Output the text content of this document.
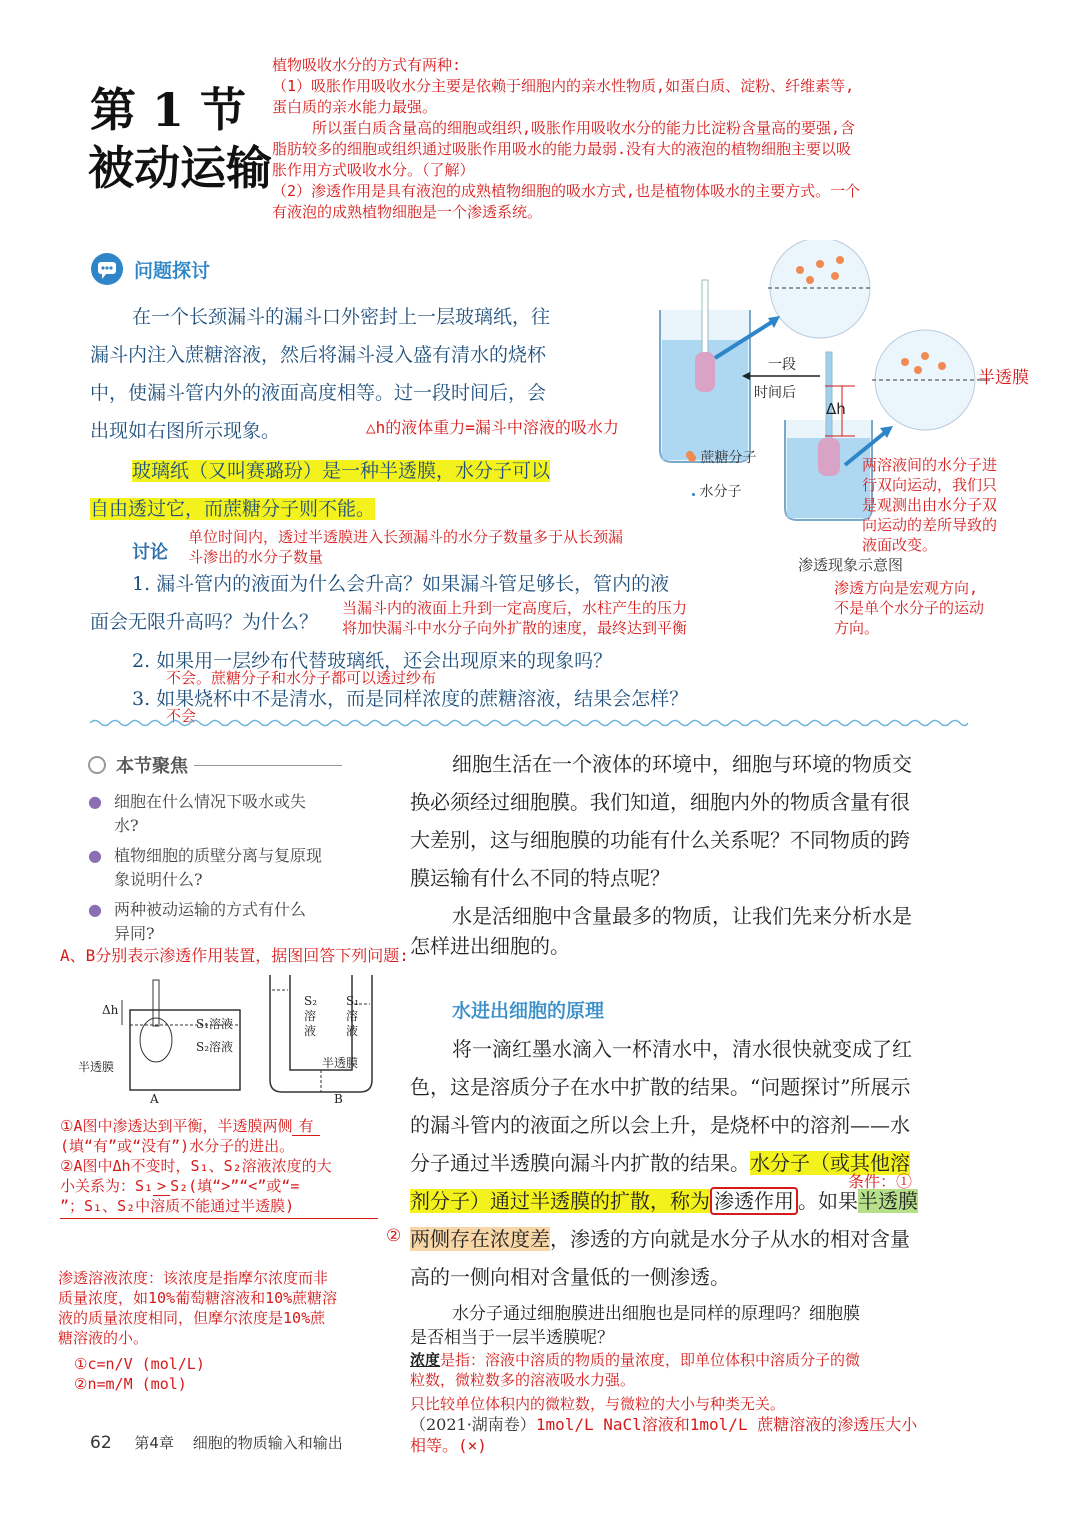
第 1 节
被动运输
植物吸收水分的方式有两种:
（1）吸胀作用吸收水分主要是依赖于细胞内的亲水性物质,如蛋白质、淀粉、纤维素等,
蛋白质的亲水能力最强。
所以蛋白质含量高的细胞或组织,吸胀作用吸收水分的能力比淀粉含量高的要强,含
脂肪较多的细胞或组织通过吸胀作用吸水的能力最弱.没有大的液泡的植物细胞主要以吸
胀作用方式吸收水分。（了解）
（2）渗透作用是具有液泡的成熟植物细胞的吸水方式,也是植物体吸水的主要方式。一个
有液泡的成熟植物细胞是一个渗透系统。
问题探讨
在一个长颈漏斗的漏斗口外密封上一层玻璃纸，往
漏斗内注入蔗糖溶液，然后将漏斗浸入盛有清水的烧杯
中，使漏斗管内外的液面高度相等。过一段时间后，会
出现如右图所示现象。	△h的液体重力=漏斗中溶液的吸水力
玻璃纸（又叫赛璐玢）是一种半透膜，水分子可以
自由透过它，而蔗糖分子则不能。
讨论
单位时间内，透过半透膜进入长颈漏斗的水分子数量多于从长颈漏
斗渗出的水分子数量
1. 漏斗管内的液面为什么会升高？如果漏斗管足够长，管内的液
面会无限升高吗？为什么？
当漏斗内的液面上升到一定高度后，水柱产生的压力
将加快漏斗中水分子向外扩散的速度，最终达到平衡
2. 如果用一层纱布代替玻璃纸，还会出现原来的现象吗？
不会。蔗糖分子和水分子都可以透过纱布
3. 如果烧杯中不是清水，而是同样浓度的蔗糖溶液，结果会怎样？
不会
一段
时间后
Δh
半透膜
蔗糖分子
水分子
两溶液间的水分子进
行双向运动，我们只
是观测出由水分子双
向运动的差所导致的
液面改变。
渗透现象示意图
渗透方向是宏观方向,
不是单个水分子的运动
方向。
本节聚焦
● 细胞在什么情况下吸水或失
水?
● 植物细胞的质壁分离与复原现
象说明什么?
● 两种被动运输的方式有什么
异同?
细胞生活在一个液体的环境中，细胞与环境的物质交
换必须经过细胞膜。我们知道，细胞内外的物质含量有很
大差别，这与细胞膜的功能有什么关系呢？不同物质的跨
膜运输有什么不同的特点呢？
水是活细胞中含量最多的物质，让我们先来分析水是
怎样进出细胞的。
A、B分别表示渗透作用装置，据图回答下列问题:
Δh
S₁溶液
S₂溶液
半透膜
A
S₂
溶
液
S₁
溶
液
半透膜
B
①A图中渗透达到平衡，半透膜两侧 有
(填“有”或“没有”)水分子的进出。
②A图中Δh不变时，S₁、S₂溶液浓度的大
小关系为：S₁ > S₂(填“>”“<”或“=
”；S₁、S₂中溶质不能通过半透膜)
渗透溶液浓度：该浓度是指摩尔浓度而非
质量浓度，如10%葡萄糖溶液和10%蔗糖溶
液的质量浓度相同，但摩尔浓度是10%蔗
糖溶液的小。
①c=n/V (mol/L)
②n=m/M (mol)
水进出细胞的原理
将一滴红墨水滴入一杯清水中，清水很快就变成了红
色，这是溶质分子在水中扩散的结果。“问题探讨”所展示
的漏斗管内的液面之所以会上升，是烧杯中的溶剂——水
分子通过半透膜向漏斗内扩散的结果。水分子（或其他溶
剂分子）通过半透膜的扩散，称为 渗透作用 。如果半透膜
两侧存在浓度差，渗透的方向就是水分子从水的相对含量
高的一侧向相对含量低的一侧渗透。
条件：①
②
水分子通过细胞膜进出细胞也是同样的原理吗？细胞膜
是否相当于一层半透膜呢？
浓度是指：溶液中溶质的物质的量浓度，即单位体积中溶质分子的微
粒数，微粒数多的溶液吸水力强。
只比较单位体积内的微粒数，与微粒的大小与种类无关。
（2021·湖南卷）1mol/L NaCl溶液和1mol/L 蔗糖溶液的渗透压大小
相等。(×)
62 第4章 细胞的物质输入和输出
